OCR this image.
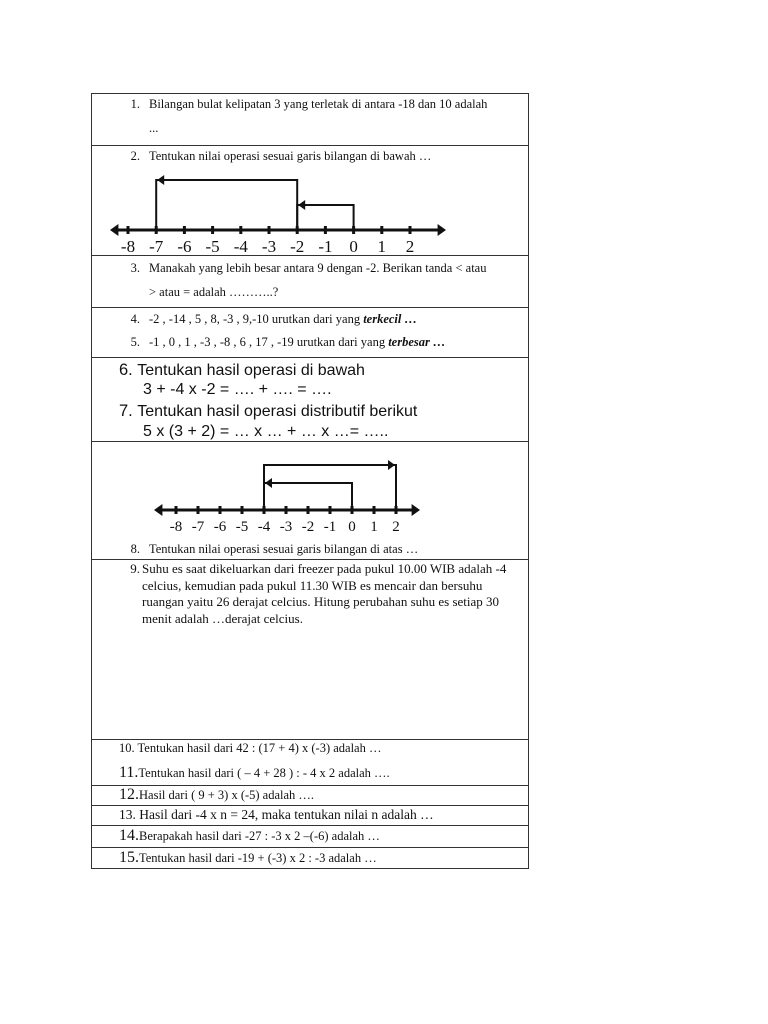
1. Bilangan bulat kelipatan 3 yang terletak di antara -18 dan 10 adalah
...
2. Tentukan nilai operasi sesuai garis bilangan di bawah …
-8 -7 -6 -5 -4 -3 -2 -1 0 1 2
3. Manakah yang lebih besar antara 9 dengan -2. Berikan tanda < atau
> atau = adalah ………..?
4. -2 , -14 , 5 , 8, -3 , 9,-10 urutkan dari yang terkecil …
5. -1 , 0 , 1 , -3 , -8 , 6 , 17 , -19 urutkan dari yang terbesar …
6. Tentukan hasil operasi di bawah
3 + -4 x -2 = …. + …. = ….
7. Tentukan hasil operasi distributif berikut
5 x (3 + 2) = … x … + … x …= …..
-8 -7 -6 -5 -4 -3 -2 -1 0 1 2
8. Tentukan nilai operasi sesuai garis bilangan di atas …
9. Suhu es saat dikeluarkan dari freezer pada pukul 10.00 WIB adalah -4 celcius, kemudian pada pukul 11.30 WIB es mencair dan bersuhu ruangan yaitu 26 derajat celcius. Hitung perubahan suhu es setiap 30 menit adalah …derajat celcius.
10. Tentukan hasil dari 42 : (17 + 4) x (-3) adalah …
11.Tentukan hasil dari ( – 4 + 28 ) : - 4 x 2 adalah ….
12.Hasil dari ( 9 + 3) x (-5) adalah ….
13. Hasil dari -4 x n = 24, maka tentukan nilai n adalah …
14.Berapakah hasil dari -27 : -3 x 2 –(-6) adalah …
15.Tentukan hasil dari -19 + (-3) x 2 : -3 adalah …
